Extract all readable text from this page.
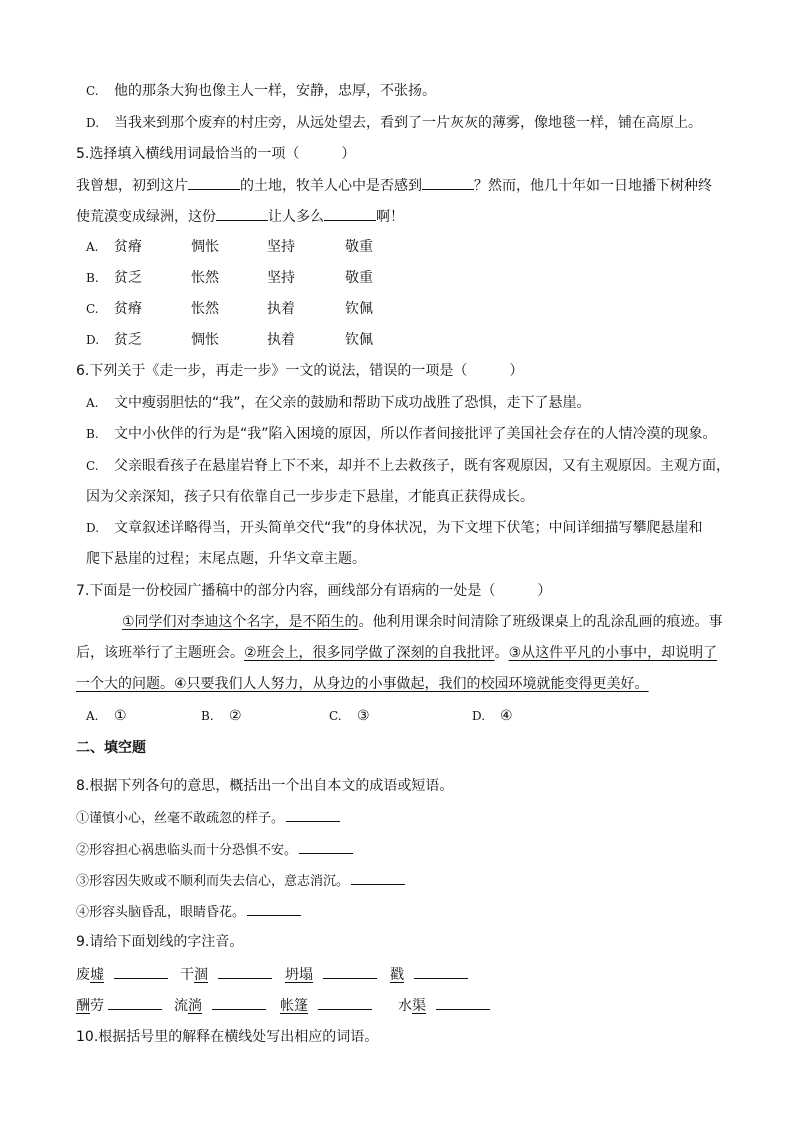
C. 他的那条大狗也像主人一样，安静，忠厚，不张扬。
D. 当我来到那个废弃的村庄旁，从远处望去，看到了一片灰灰的薄雾，像地毯一样，铺在高原上。
5.选择填入横线用词最恰当的一项（　　　）
我曾想，初到这片	的土地，牧羊人心中是否感到	？然而，他几十年如一日地播下树种终
使荒漠变成绿洲，这份	让人多么	啊！
A. 贫瘠	惆怅	坚持	敬重
B. 贫乏	怅然	坚持	敬重
C. 贫瘠	怅然	执着	钦佩
D. 贫乏	惆怅	执着	钦佩
6.下列关于《走一步，再走一步》一文的说法，错误的一项是（　　　）
A. 文中瘦弱胆怯的“我”，在父亲的鼓励和帮助下成功战胜了恐惧，走下了悬崖。
B. 文中小伙伴的行为是“我”陷入困境的原因，所以作者间接批评了美国社会存在的人情冷漠的现象。
C. 父亲眼看孩子在悬崖岩脊上下不来，却并不上去救孩子，既有客观原因，又有主观原因。主观方面，
因为父亲深知，孩子只有依靠自己一步步走下悬崖，才能真正获得成长。
D. 文章叙述详略得当，开头简单交代“我”的身体状况，为下文埋下伏笔；中间详细描写攀爬悬崖和
爬下悬崖的过程；末尾点题，升华文章主题。
7.下面是一份校园广播稿中的部分内容，画线部分有语病的一处是（　　　）
①同学们对李迪这个名字，是不陌生的。他利用课余时间清除了班级课桌上的乱涂乱画的痕迹。事
后，该班举行了主题班会。②班会上，很多同学做了深刻的自我批评。③从这件平凡的小事中，却说明了
一个大的问题。④只要我们人人努力，从身边的小事做起，我们的校园环境就能变得更美好。
A. ①	B. ②	C. ③	D. ④
二、填空题
8.根据下列各句的意思，概括出一个出自本文的成语或短语。
①谨慎小心，丝毫不敢疏忽的样子。
②形容担心祸患临头而十分恐惧不安。
③形容因失败或不顺利而失去信心，意志消沉。
④形容头脑昏乱，眼睛昏花。
9.请给下面划线的字注音。
废墟	干涸	坍塌	戳
酬劳	流淌	帐篷	水渠
10.根据括号里的解释在横线处写出相应的词语。
